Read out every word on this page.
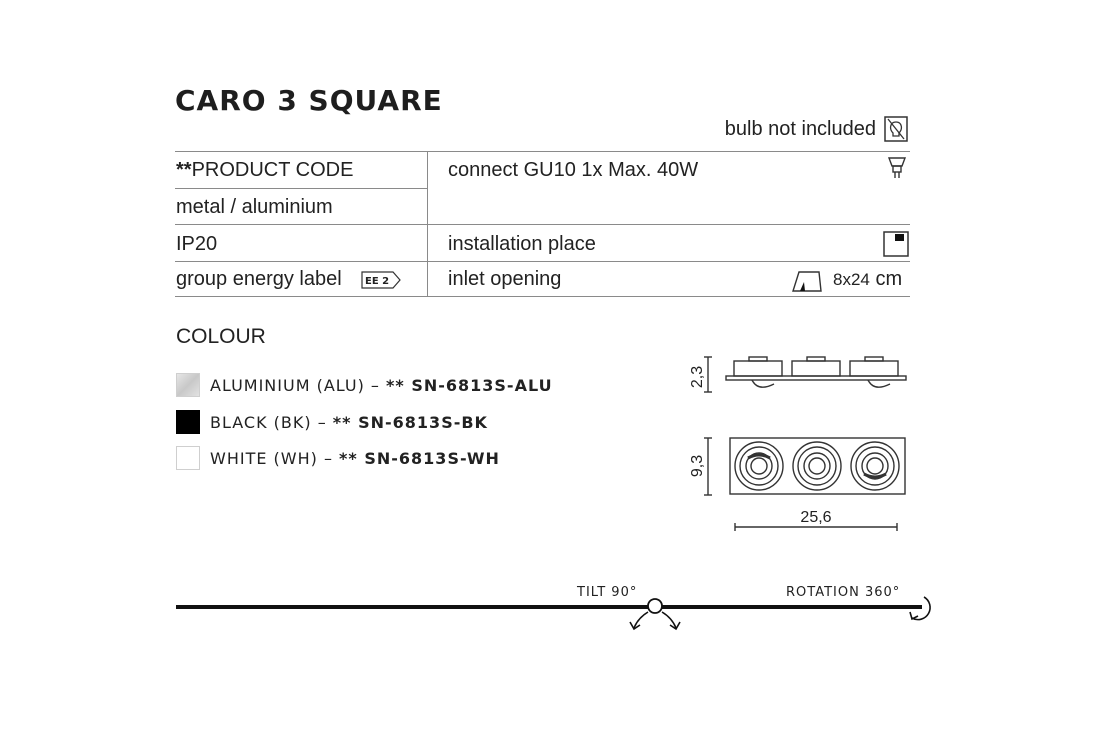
CARO 3 SQUARE
bulb not included
**PRODUCT CODE
metal / aluminium
IP20
group energy label EE 2
connect GU10 1x Max. 40W
installation place
inlet opening	8x24 cm
COLOUR
ALUMINIUM (ALU) – ** SN-6813S-ALU
BLACK (BK) – ** SN-6813S-BK
WHITE (WH) – ** SN-6813S-WH
2,3
9,3
25,6
TILT 90°	ROTATION 360°
